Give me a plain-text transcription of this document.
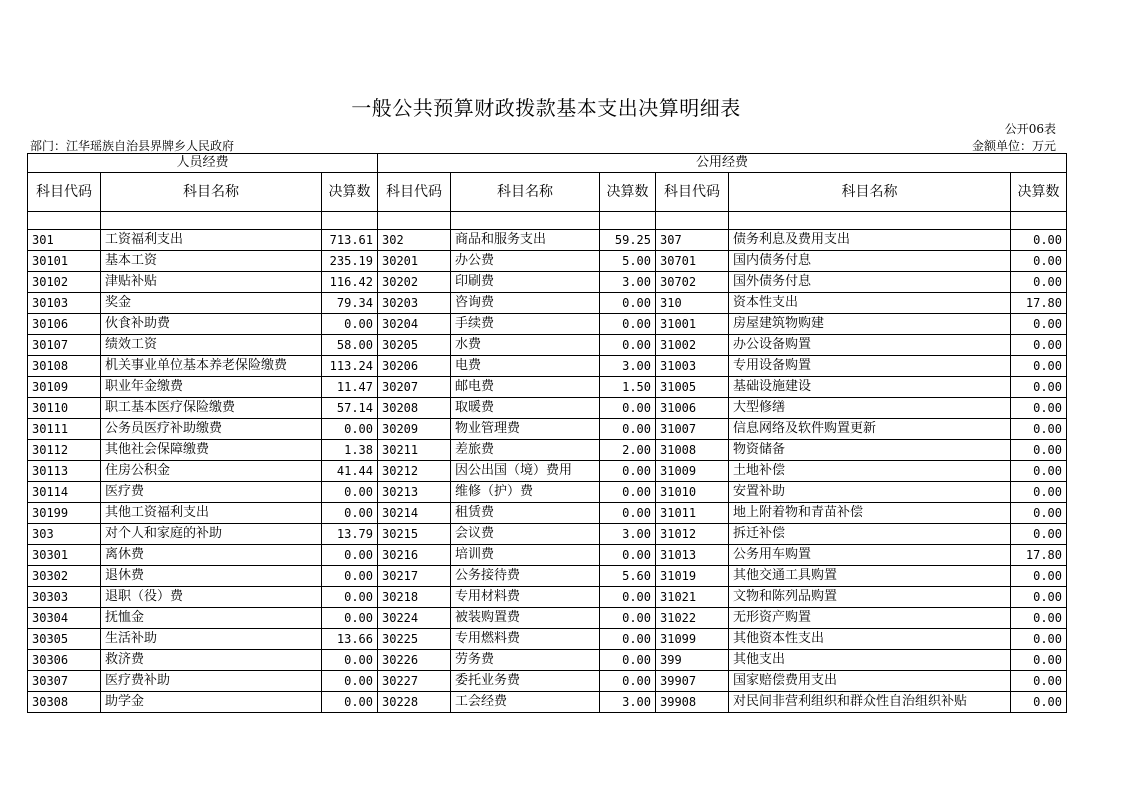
一般公共预算财政拨款基本支出决算明细表
公开06表
部门：江华瑶族自治县界牌乡人民政府	金额单位：万元
人员经费			公用经费					
科目代码	科目名称	决算数	科目代码	科目名称	决算数	科目代码	科目名称	决算数

301	工资福利支出	713.61	302	商品和服务支出	59.25	307	债务利息及费用支出	0.00
30101	基本工资	235.19	30201	办公费	5.00	30701	国内债务付息	0.00
30102	津贴补贴	116.42	30202	印刷费	3.00	30702	国外债务付息	0.00
30103	奖金	79.34	30203	咨询费	0.00	310	资本性支出	17.80
30106	伙食补助费	0.00	30204	手续费	0.00	31001	房屋建筑物购建	0.00
30107	绩效工资	58.00	30205	水费	0.00	31002	办公设备购置	0.00
30108	机关事业单位基本养老保险缴费	113.24	30206	电费	3.00	31003	专用设备购置	0.00
30109	职业年金缴费	11.47	30207	邮电费	1.50	31005	基础设施建设	0.00
30110	职工基本医疗保险缴费	57.14	30208	取暖费	0.00	31006	大型修缮	0.00
30111	公务员医疗补助缴费	0.00	30209	物业管理费	0.00	31007	信息网络及软件购置更新	0.00
30112	其他社会保障缴费	1.38	30211	差旅费	2.00	31008	物资储备	0.00
30113	住房公积金	41.44	30212	因公出国（境）费用	0.00	31009	土地补偿	0.00
30114	医疗费	0.00	30213	维修（护）费	0.00	31010	安置补助	0.00
30199	其他工资福利支出	0.00	30214	租赁费	0.00	31011	地上附着物和青苗补偿	0.00
303	对个人和家庭的补助	13.79	30215	会议费	3.00	31012	拆迁补偿	0.00
30301	离休费	0.00	30216	培训费	0.00	31013	公务用车购置	17.80
30302	退休费	0.00	30217	公务接待费	5.60	31019	其他交通工具购置	0.00
30303	退职（役）费	0.00	30218	专用材料费	0.00	31021	文物和陈列品购置	0.00
30304	抚恤金	0.00	30224	被装购置费	0.00	31022	无形资产购置	0.00
30305	生活补助	13.66	30225	专用燃料费	0.00	31099	其他资本性支出	0.00
30306	救济费	0.00	30226	劳务费	0.00	399	其他支出	0.00
30307	医疗费补助	0.00	30227	委托业务费	0.00	39907	国家赔偿费用支出	0.00
30308	助学金	0.00	30228	工会经费	3.00	39908	对民间非营利组织和群众性自治组织补贴	0.00
